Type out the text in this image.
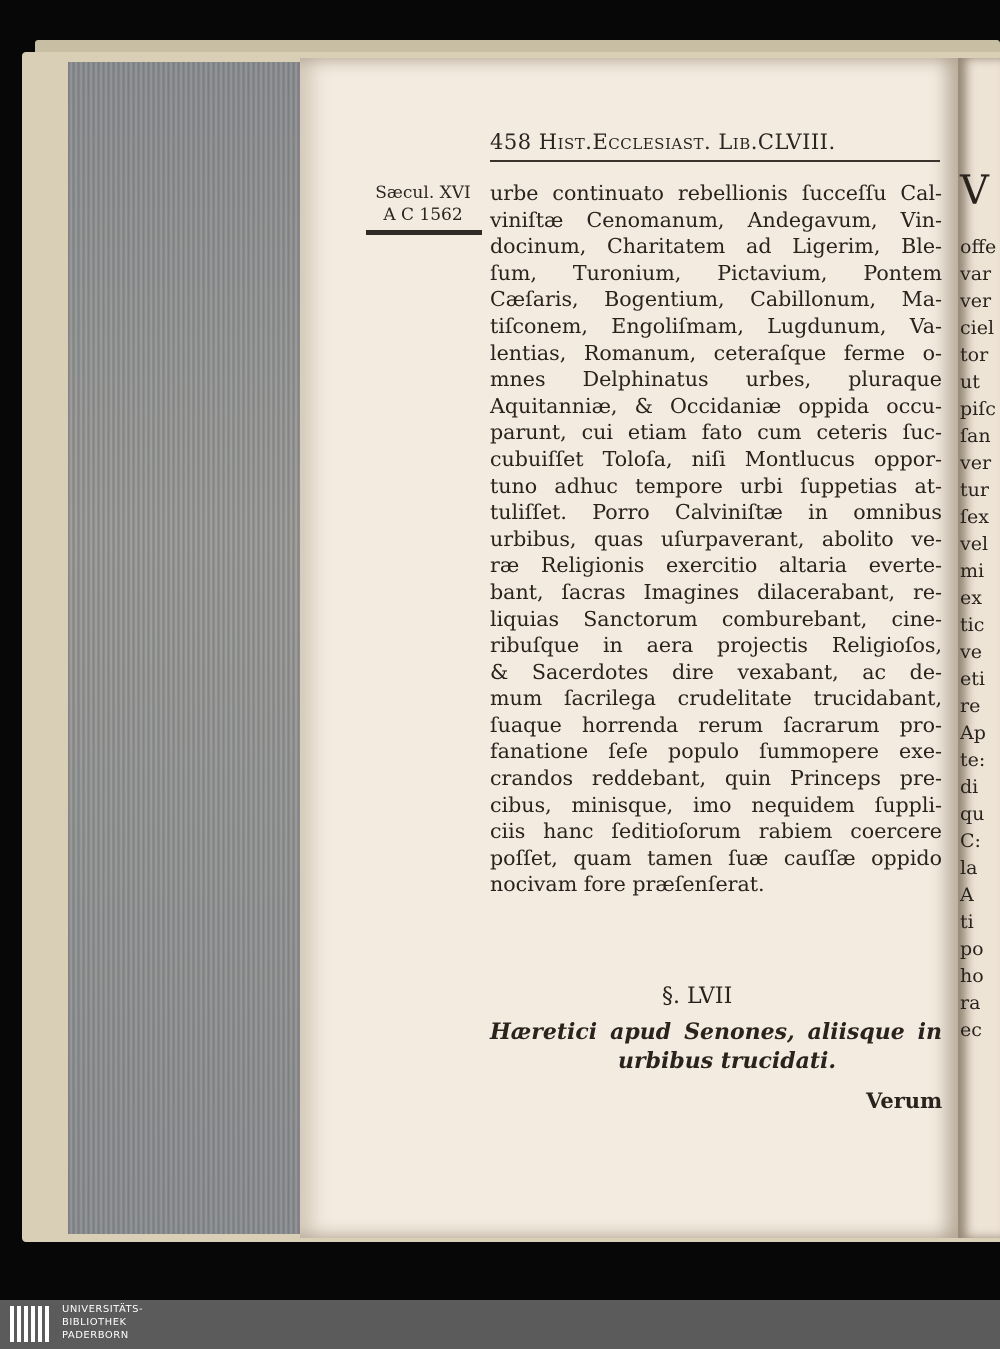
458 Hist.Ecclesiast. Lib.CLVIII.
Sæcul. XVI
A C 1562
urbe continuato rebellionis ſucceſſu Cal-
viniſtæ Cenomanum, Andegavum, Vin-
docinum, Charitatem ad Ligerim, Ble-
ſum, Turonium, Pictavium, Pontem
Cæſaris, Bogentium, Cabillonum, Ma-
tiſconem, Engoliſmam, Lugdunum, Va-
lentias, Romanum, ceteraſque ferme o-
mnes Delphinatus urbes, pluraque
Aquitanniæ, & Occidaniæ oppida occu-
parunt, cui etiam fato cum ceteris ſuc-
cubuiſſet Toloſa, niſi Montlucus oppor-
tuno adhuc tempore urbi ſuppetias at-
tuliſſet. Porro Calviniſtæ in omnibus
urbibus, quas uſurpaverant, abolito ve-
ræ Religionis exercitio altaria everte-
bant, ſacras Imagines dilacerabant, re-
liquias Sanctorum comburebant, cine-
ribuſque in aera projectis Religioſos,
& Sacerdotes dire vexabant, ac de-
mum ſacrilega crudelitate trucidabant,
ſuaque horrenda rerum ſacrarum pro-
fanatione ſeſe populo ſummopere exe-
crandos reddebant, quin Princeps pre-
cibus, minisque, imo nequidem ſuppli-
ciis hanc ſeditioſorum rabiem coercere
poſſet, quam tamen ſuæ cauſſæ oppido
nocivam fore præſenſerat.
§. LVII
Hæretici apud Senones, aliisque in
urbibus trucidati.
Verum
V
offe
var
ver
ciel
tor
ut
piſc
ſan
ver
tur
ſex
vel
mi
ex
tic
ve
eti
re
Ap
te:
di
qu
C:
la
A
ti
po
ho
ra
ec
UNIVERSITÄTS-
BIBLIOTHEK
PADERBORN
